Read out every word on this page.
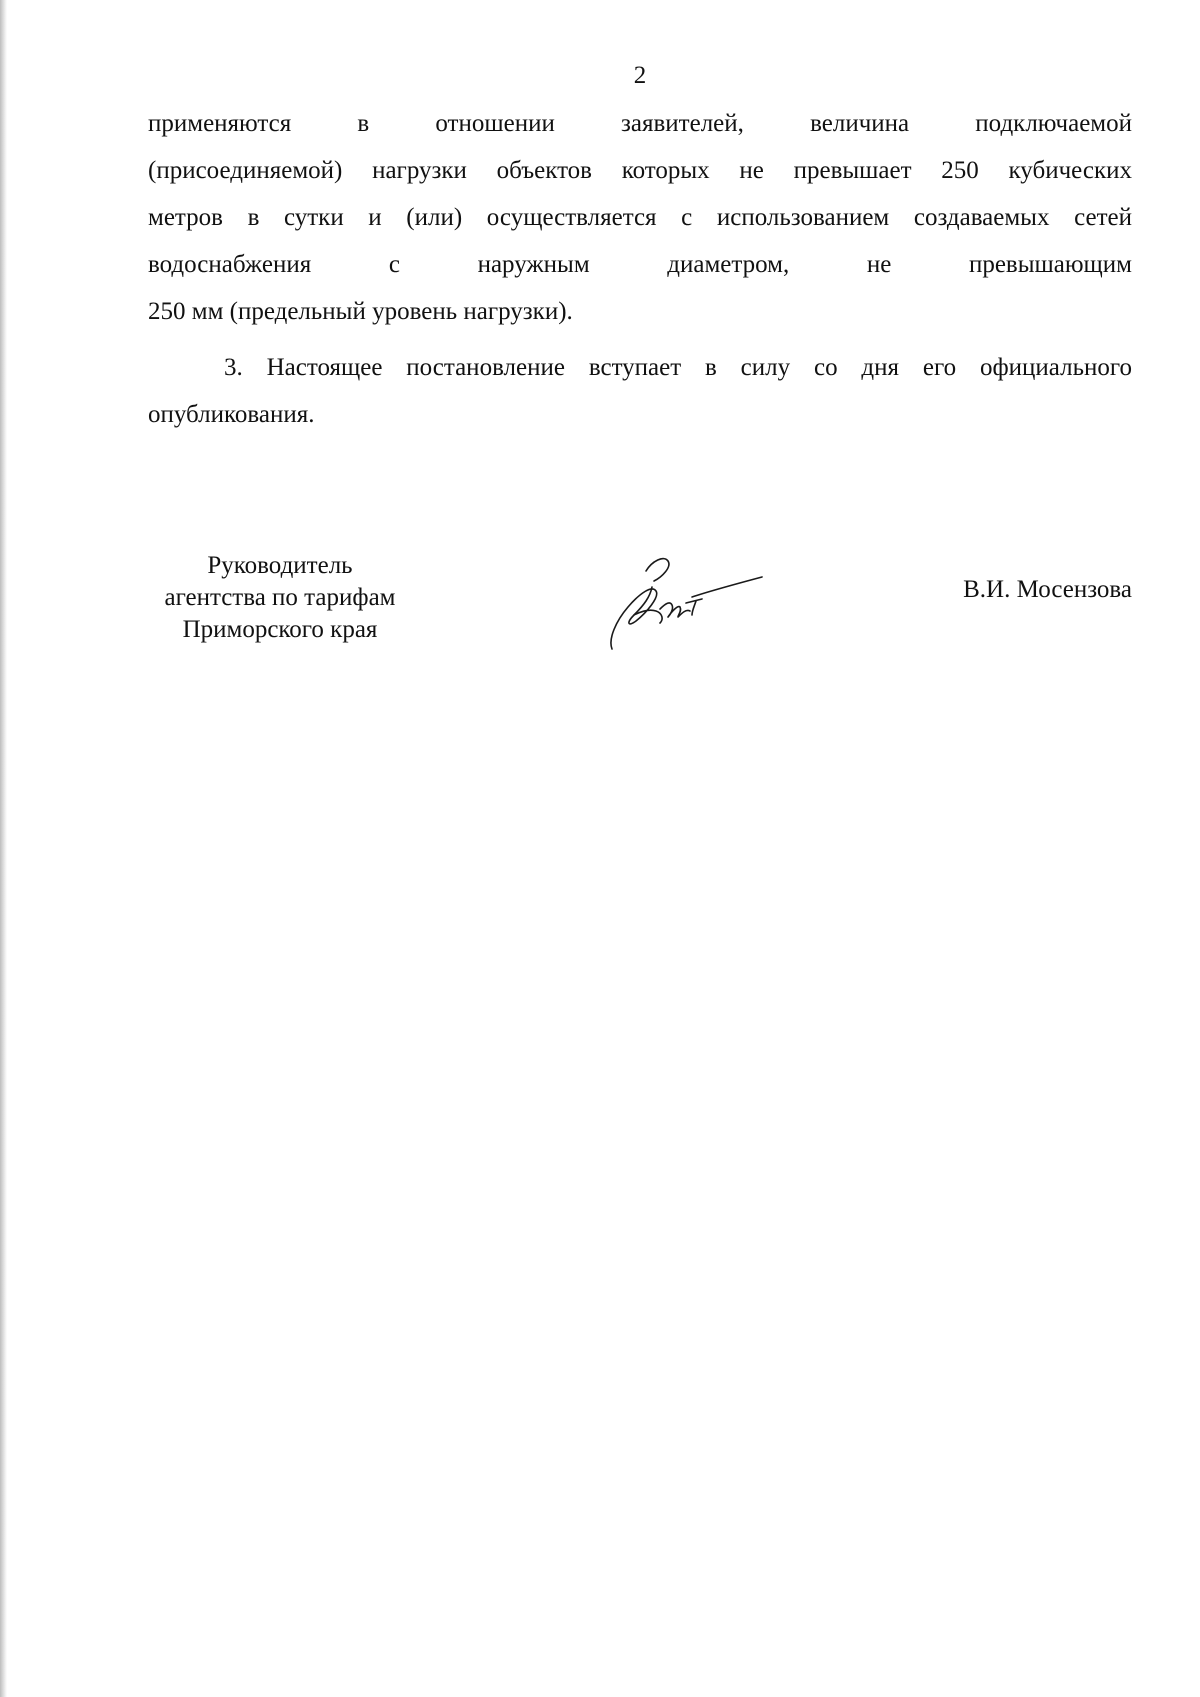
2
применяются в отношении заявителей, величина подключаемой
(присоединяемой) нагрузки объектов которых не превышает 250 кубических
метров в сутки и (или) осуществляется с использованием создаваемых сетей
водоснабжения с наружным диаметром, не превышающим
250 мм (предельный уровень нагрузки).
3. Настоящее постановление вступает в силу со дня его официального
опубликования.
Руководитель
агентства по тарифам
Приморского края
В.И. Мосензова
